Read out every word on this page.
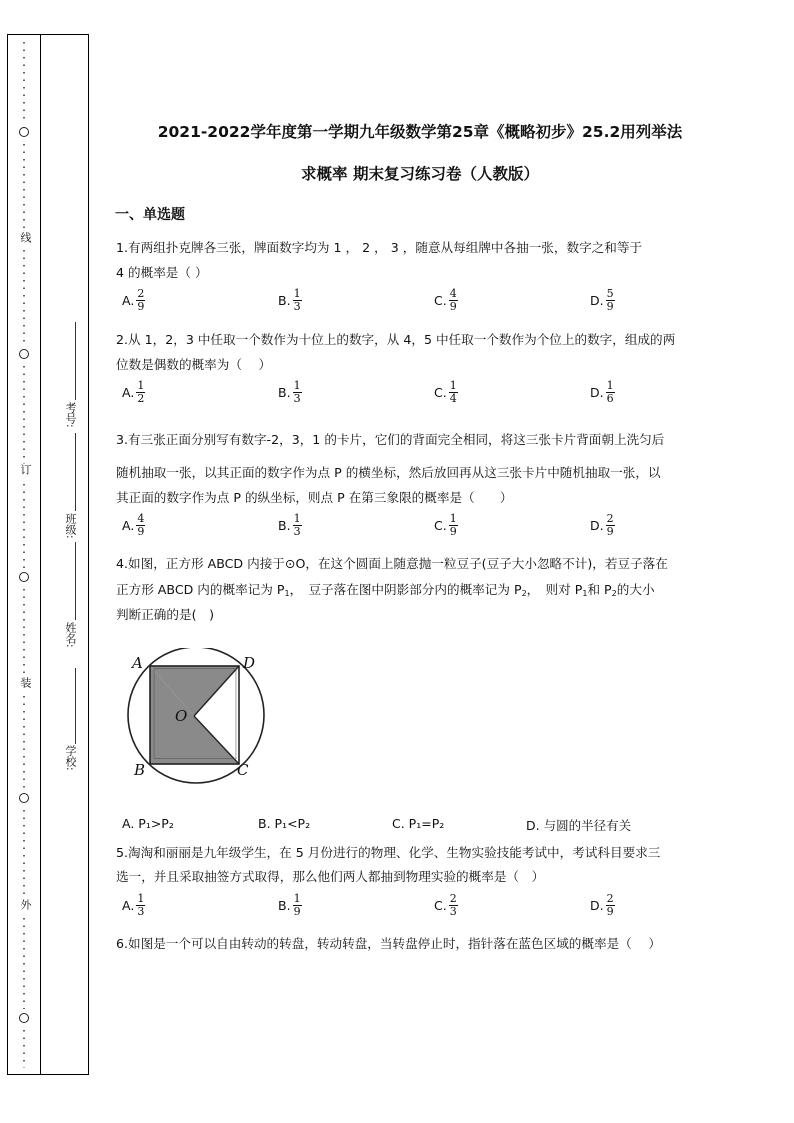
线
订
装
外
考号:
班级:
姓名:
学校:
2021-2022学年度第一学期九年级数学第25章《概略初步》25.2用列举法
求概率 期末复习练习卷（人教版）
一、单选题
1.有两组扑克牌各三张，牌面数字均为 1 ， 2 ， 3 ，随意从每组牌中各抽一张，数字之和等于
4 的概率是（ ）
A. $\frac{2}{9}$	B. $\frac{1}{3}$	C. $\frac{4}{9}$	D. $\frac{5}{9}$
2.从 1，2，3 中任取一个数作为十位上的数字，从 4，5 中任取一个数作为个位上的数字，组成的两
位数是偶数的概率为（　 ）
A. $\frac{1}{2}$	B. $\frac{1}{3}$	C. $\frac{1}{4}$	D. $\frac{1}{6}$
3.有三张正面分别写有数字-2，3，1 的卡片，它们的背面完全相同，将这三张卡片背面朝上洗匀后
随机抽取一张，以其正面的数字作为点 P 的横坐标，然后放回再从这三张卡片中随机抽取一张，以
其正面的数字作为点 P 的纵坐标，则点 P 在第三象限的概率是（　　）
A. $\frac{4}{9}$	B. $\frac{1}{3}$	C. $\frac{1}{9}$	D. $\frac{2}{9}$
4.如图，正方形 ABCD 内接于⊙O，在这个圆面上随意抛一粒豆子(豆子大小忽略不计)，若豆子落在
正方形 ABCD 内的概率记为 $P_1$，　豆子落在图中阴影部分内的概率记为 $P_2$，　则对 $P_1$和 $P_2$的大小
判断正确的是(　)
A
B	C
D
O
A. P₁>P₂	B. P₁<P₂	C. P₁=P₂	D. 与圆的半径有关
5.淘淘和丽丽是九年级学生，在 5 月份进行的物理、化学、生物实验技能考试中，考试科目要求三
选一，并且采取抽签方式取得，那么他们两人都抽到物理实验的概率是（　）
A. $\frac{1}{3}$	B. $\frac{1}{9}$	C. $\frac{2}{3}$	D. $\frac{2}{9}$
6.如图是一个可以自由转动的转盘，转动转盘，当转盘停止时，指针落在蓝色区域的概率是（　 ）
